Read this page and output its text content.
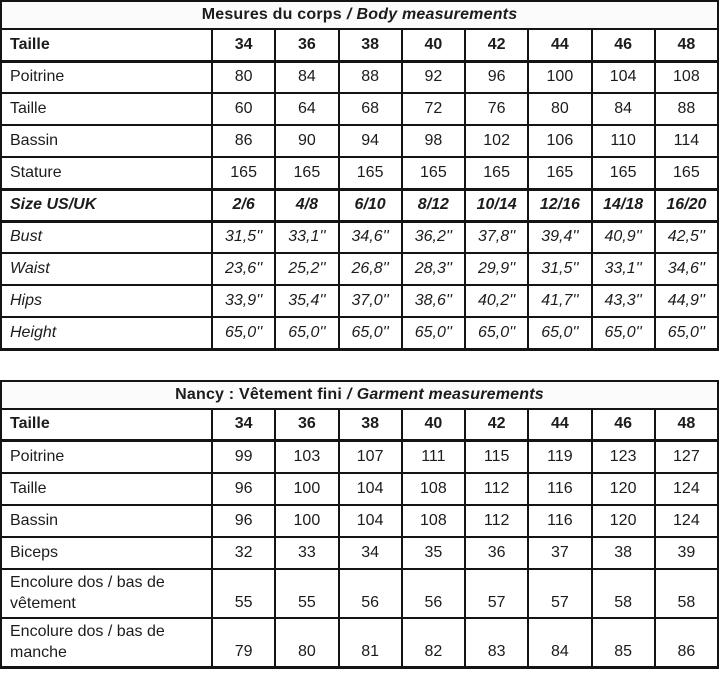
Mesures du corps / Body measurements								
Taille	34	36	38	40	42	44	46	48
Poitrine	80	84	88	92	96	100	104	108
Taille	60	64	68	72	76	80	84	88
Bassin	86	90	94	98	102	106	110	114
Stature	165	165	165	165	165	165	165	165
Size US/UK	2/6	4/8	6/10	8/12	10/14	12/16	14/18	16/20
Bust	31,5''	33,1''	34,6''	36,2''	37,8''	39,4''	40,9''	42,5''
Waist	23,6''	25,2''	26,8''	28,3''	29,9''	31,5''	33,1''	34,6''
Hips	33,9''	35,4''	37,0''	38,6''	40,2''	41,7''	43,3''	44,9''
Height	65,0''	65,0''	65,0''	65,0''	65,0''	65,0''	65,0''	65,0''
Nancy : Vêtement fini / Garment measurements								
Taille	34	36	38	40	42	44	46	48
Poitrine	99	103	107	111	115	119	123	127
Taille	96	100	104	108	112	116	120	124
Bassin	96	100	104	108	112	116	120	124
Biceps	32	33	34	35	36	37	38	39
Encolure dos / bas de vêtement	55	55	56	56	57	57	58	58
Encolure dos / bas de manche	79	80	81	82	83	84	85	86
